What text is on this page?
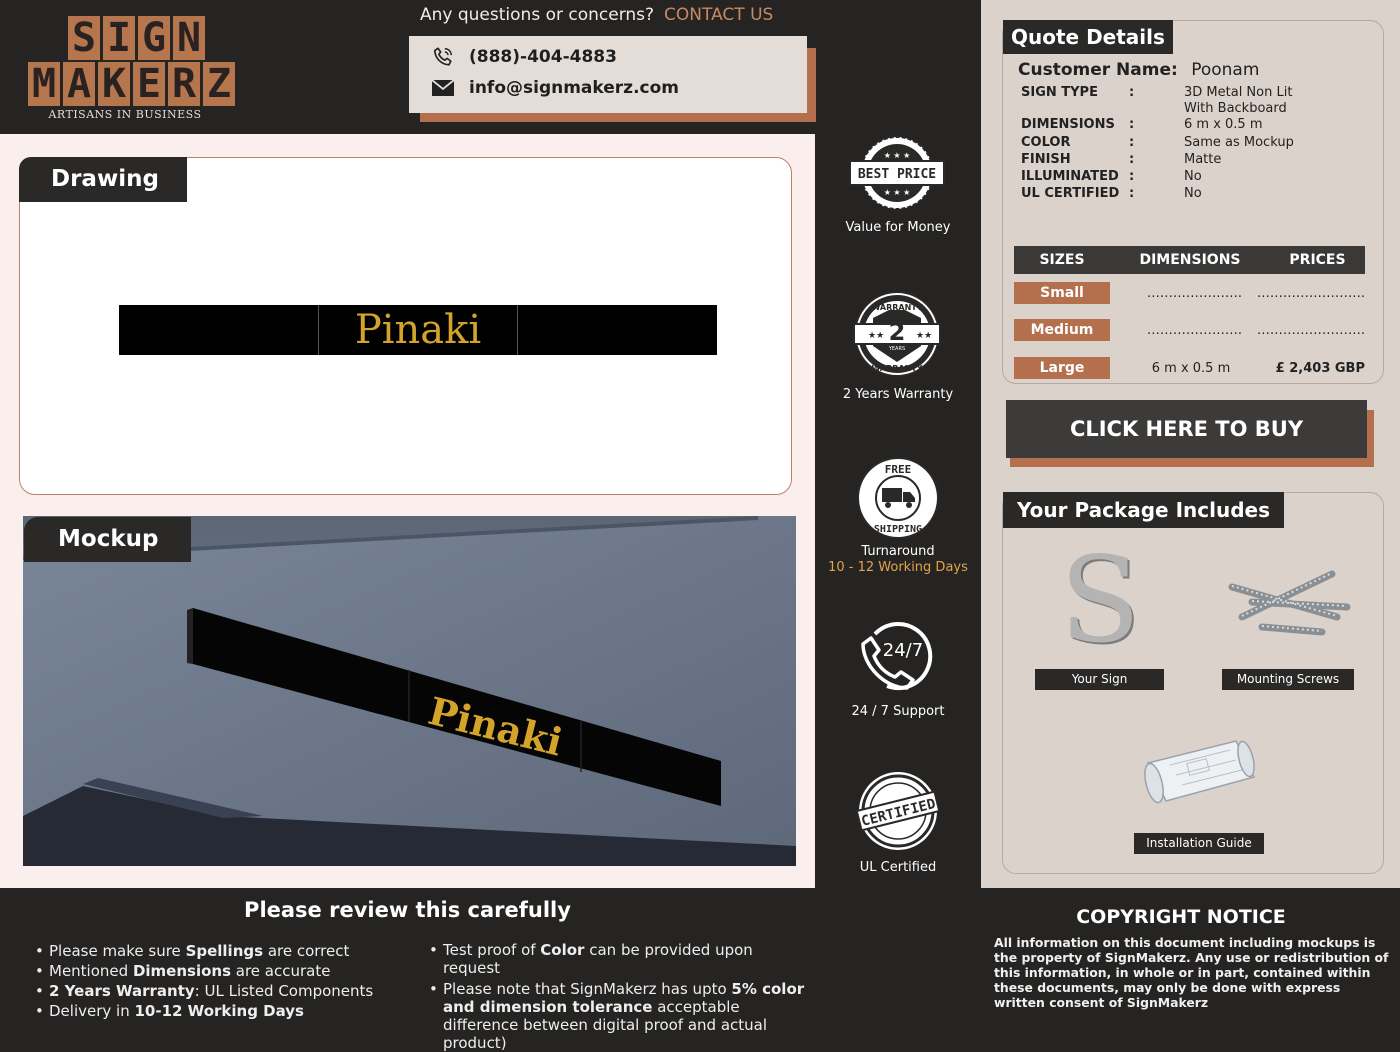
S I G N
M A K E R Z
ARTISANS IN BUSINESS
Any questions or concerns? CONTACT US
(888)-404-4883
info@signmakerz.com
Drawing
Pinaki
Pinaki
Mockup
★ ★ ★
★ ★ ★
BEST PRICE
Value for Money
★★	★★
WARRANTY
WARRANTY
2
YEARS
2 Years Warranty
FREE
SHIPPING
Turnaround
10 - 12 Working Days
24/7
24 / 7 Support
CERTIFIED
UL Certified
Quote Details
Customer Name: Poonam
SIGN TYPE :	3D Metal Non Lit With Backboard
DIMENSIONS :	6 m x 0.5 m
COLOR	:	Same as Mockup
FINISH	:	Matte
ILLUMINATED :	No
UL CERTIFIED :	No
SIZES	DIMENSIONS	PRICES
Small	………………….	…………………….
Medium	………………….	…………………….
Large	6 m x 0.5 m	£ 2,403 GBP
CLICK HERE TO BUY
Your Package Includes
S
Your Sign	Mounting Screws
Installation Guide
Please review this carefully
• Please make sure Spellings are correct
• Mentioned Dimensions are accurate
• 2 Years Warranty: UL Listed Components
• Delivery in 10-12 Working Days
• Test proof of Color can be provided upon request
• Please note that SignMakerz has upto 5% color and dimension tolerance acceptable difference between digital proof and actual product)
COPYRIGHT NOTICE
All information on this document including mockups is the property of SignMakerz. Any use or redistribution of this information, in whole or in part, contained within these documents, may only be done with express written consent of SignMakerz
